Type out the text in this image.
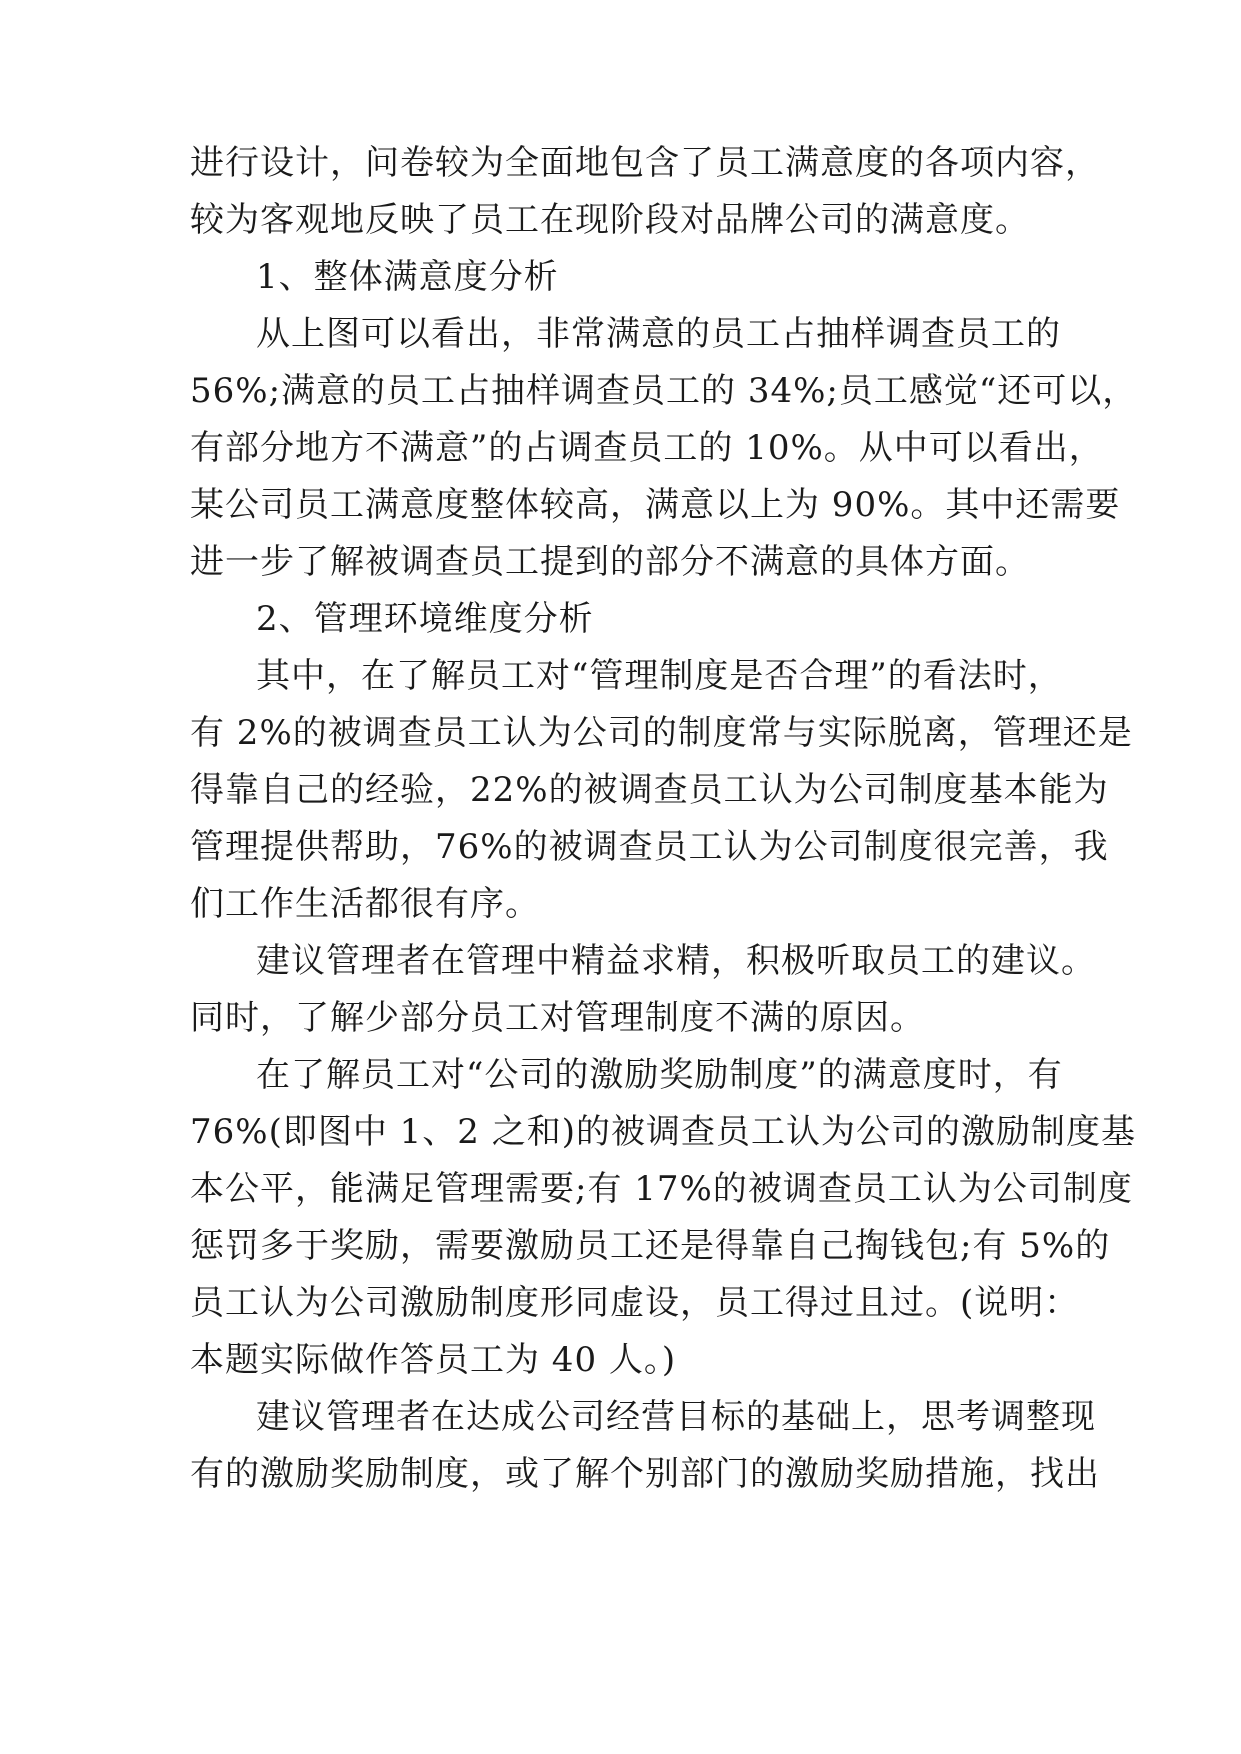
进行设计，问卷较为全面地包含了员工满意度的各项内容，
较为客观地反映了员工在现阶段对品牌公司的满意度。
1、整体满意度分析
从上图可以看出，非常满意的员工占抽样调查员工的
56%;满意的员工占抽样调查员工的 34%;员工感觉“还可以，
有部分地方不满意”的占调查员工的 10%。从中可以看出，
某公司员工满意度整体较高，满意以上为 90%。其中还需要
进一步了解被调查员工提到的部分不满意的具体方面。
2、管理环境维度分析
其中，在了解员工对“管理制度是否合理”的看法时，
有 2%的被调查员工认为公司的制度常与实际脱离，管理还是
得靠自己的经验，22%的被调查员工认为公司制度基本能为
管理提供帮助，76%的被调查员工认为公司制度很完善，我
们工作生活都很有序。
建议管理者在管理中精益求精，积极听取员工的建议。
同时，了解少部分员工对管理制度不满的原因。
在了解员工对“公司的激励奖励制度”的满意度时，有
76%(即图中 1、2 之和)的被调查员工认为公司的激励制度基
本公平，能满足管理需要;有 17%的被调查员工认为公司制度
惩罚多于奖励，需要激励员工还是得靠自己掏钱包;有 5%的
员工认为公司激励制度形同虚设，员工得过且过。(说明：
本题实际做作答员工为 40 人。)
建议管理者在达成公司经营目标的基础上，思考调整现
有的激励奖励制度，或了解个别部门的激励奖励措施，找出
